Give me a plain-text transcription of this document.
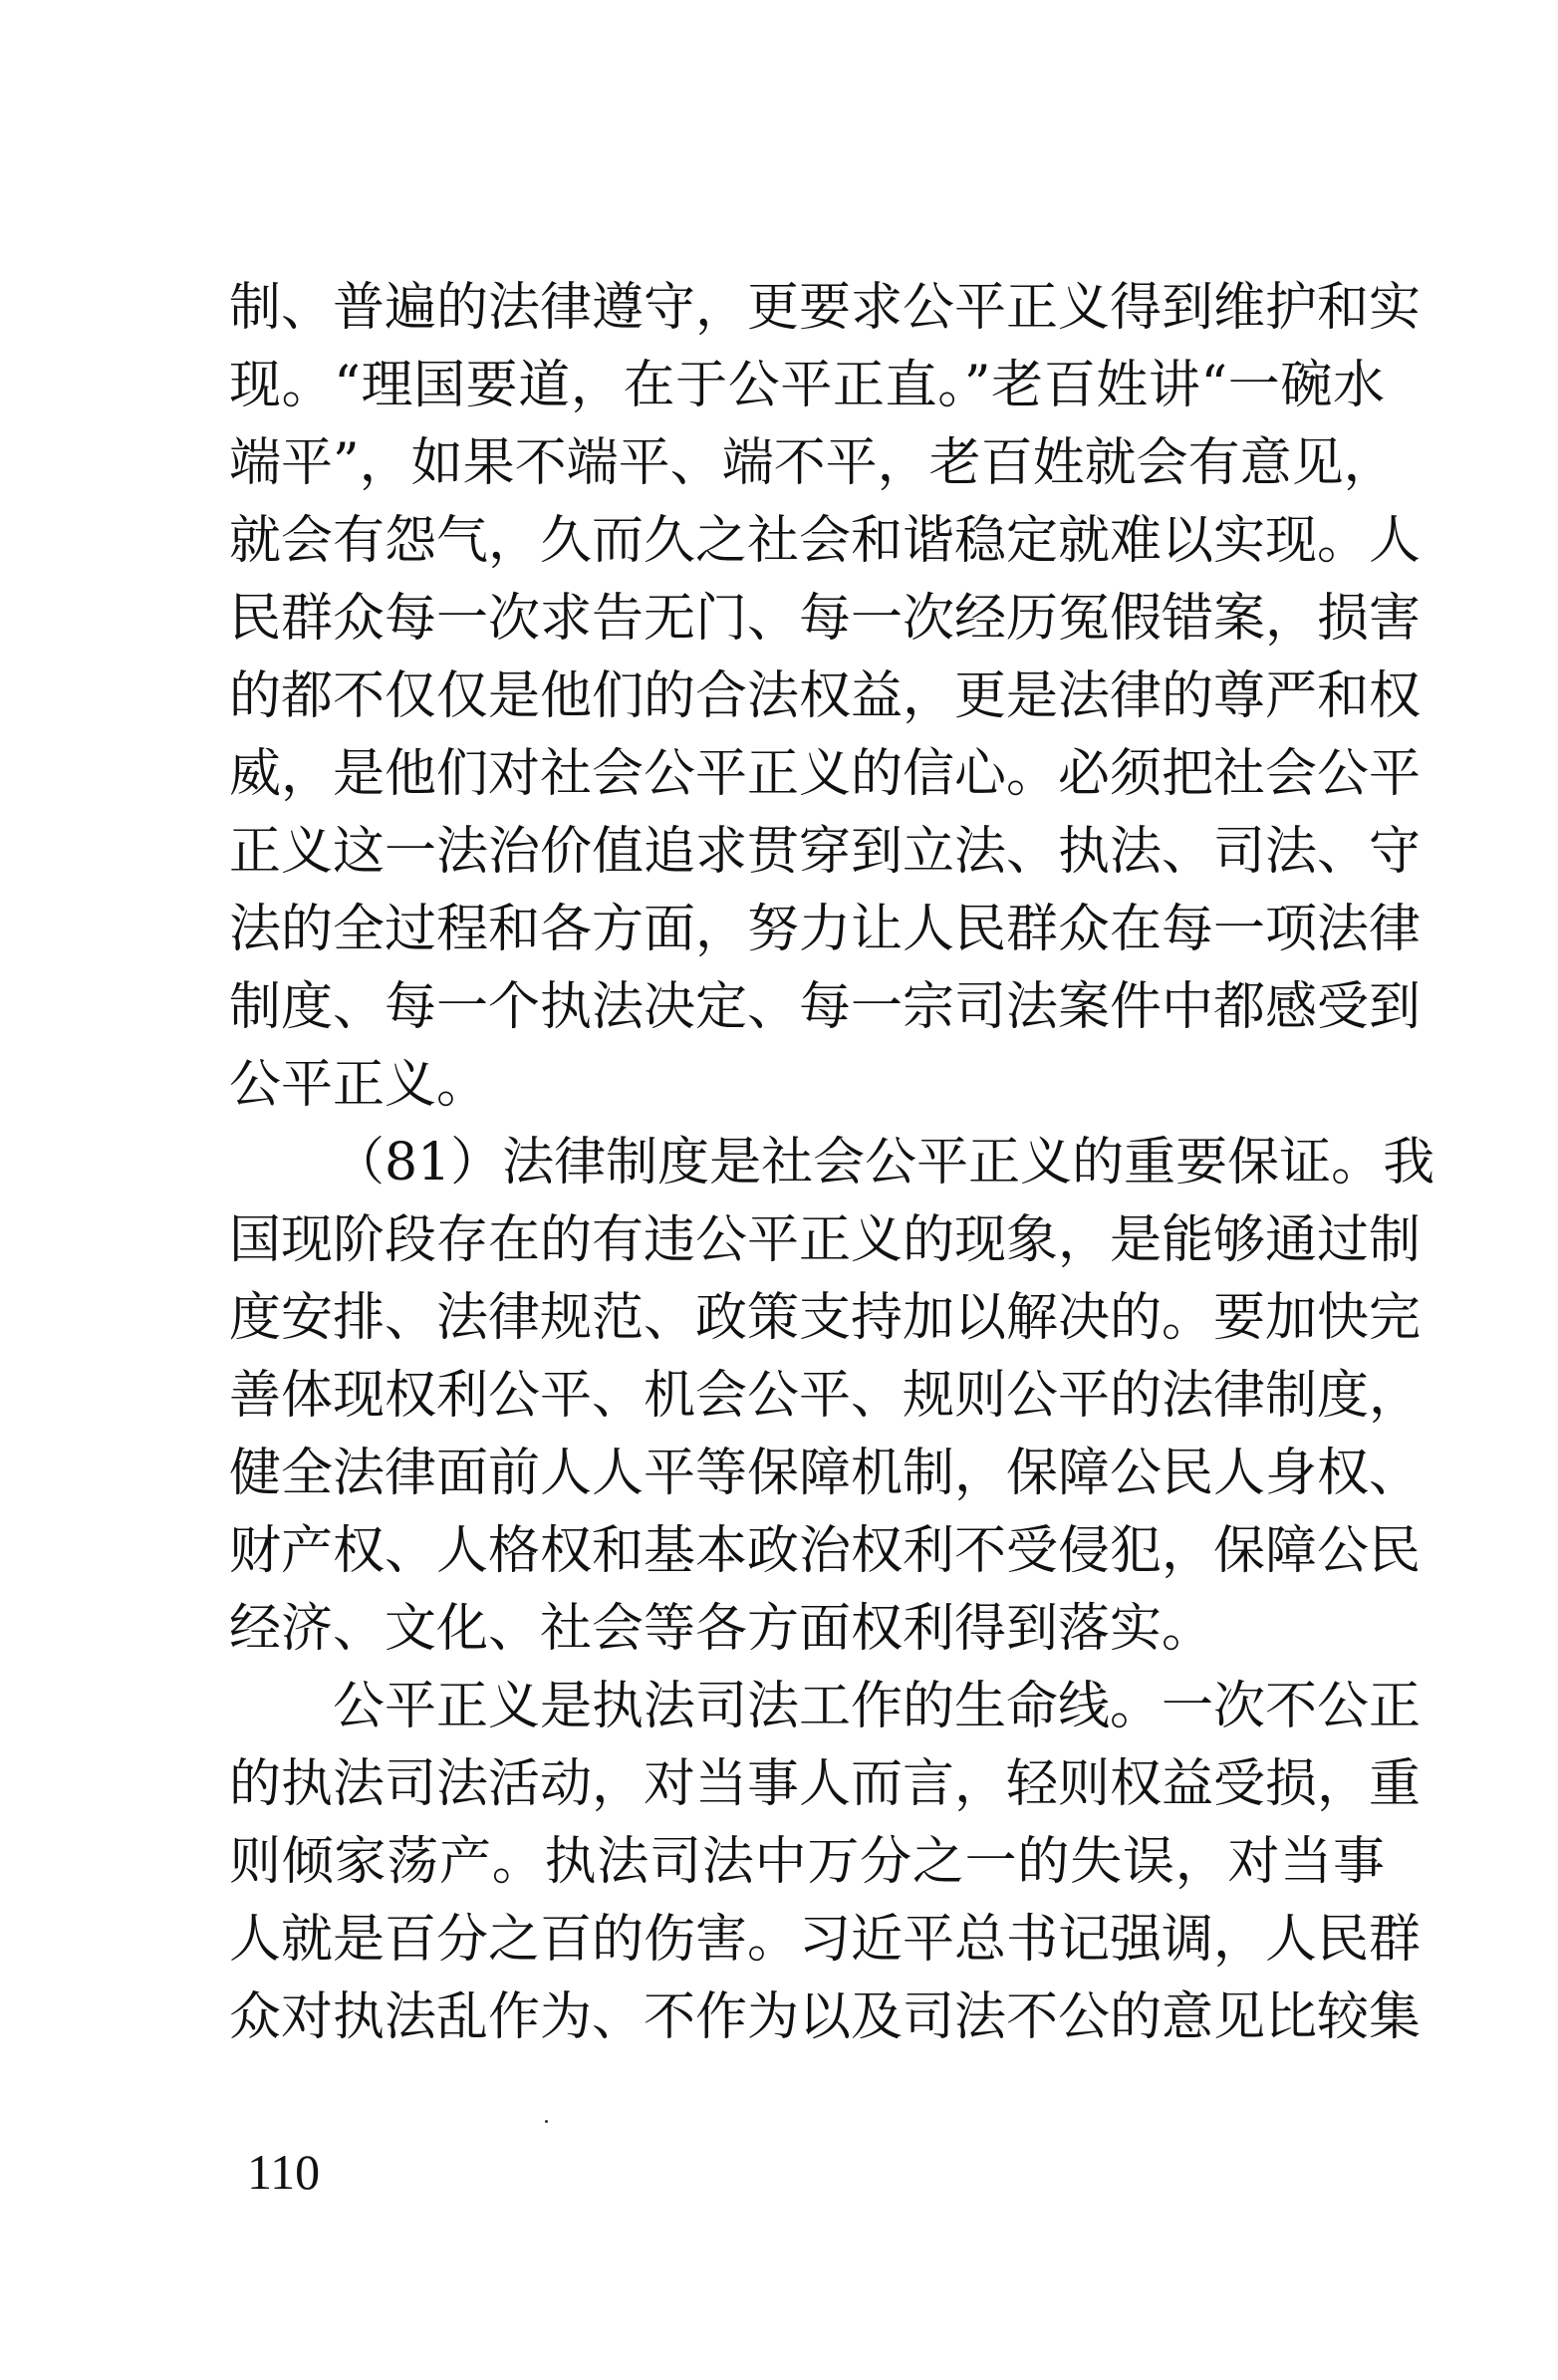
制、普遍的法律遵守，更要求公平正义得到维护和实
现。“理国要道，在于公平正直。”老百姓讲“一碗水
端平”，如果不端平、端不平，老百姓就会有意见，
就会有怨气，久而久之社会和谐稳定就难以实现。人
民群众每一次求告无门、每一次经历冤假错案，损害
的都不仅仅是他们的合法权益，更是法律的尊严和权
威，是他们对社会公平正义的信心。必须把社会公平
正义这一法治价值追求贯穿到立法、执法、司法、守
法的全过程和各方面，努力让人民群众在每一项法律
制度、每一个执法决定、每一宗司法案件中都感受到
公平正义。
（81）法律制度是社会公平正义的重要保证。我
国现阶段存在的有违公平正义的现象，是能够通过制
度安排、法律规范、政策支持加以解决的。要加快完
善体现权利公平、机会公平、规则公平的法律制度，
健全法律面前人人平等保障机制，保障公民人身权、
财产权、人格权和基本政治权利不受侵犯，保障公民
经济、文化、社会等各方面权利得到落实。
公平正义是执法司法工作的生命线。一次不公正
的执法司法活动，对当事人而言，轻则权益受损，重
则倾家荡产。执法司法中万分之一的失误，对当事
人就是百分之百的伤害。习近平总书记强调，人民群
众对执法乱作为、不作为以及司法不公的意见比较集
110
